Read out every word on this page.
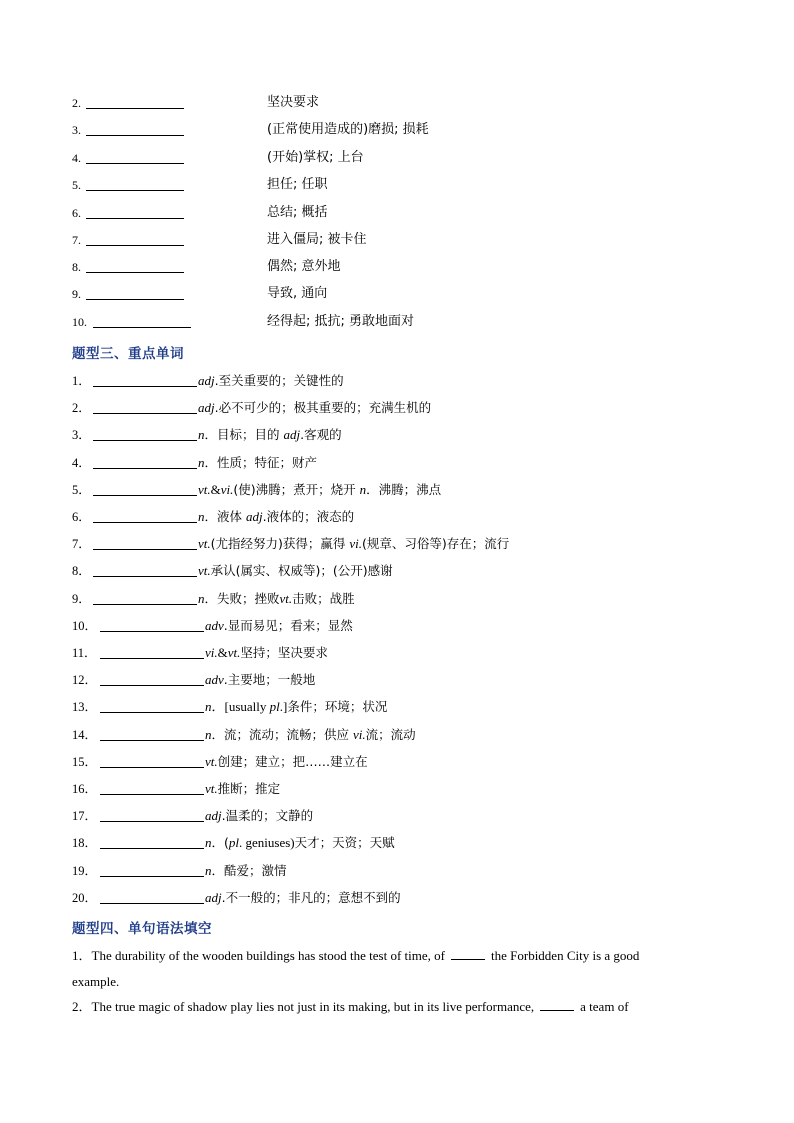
2.	坚决要求
3.	(正常使用造成的)磨损; 损耗
4.	(开始)掌权; 上台
5.	担任; 任职
6.	总结; 概括
7.	进入僵局; 被卡住
8.	偶然; 意外地
9.	导致, 通向
10.	经得起; 抵抗; 勇敢地面对
题型三、重点单词
1．	adj.至关重要的；关键性的
2．	adj.必不可少的；极其重要的；充满生机的
3．	n．目标；目的 adj.客观的
4．	n．性质；特征；财产
5．	vt.&vi.(使)沸腾；煮开；烧开 n．沸腾；沸点
6．	n．液体 adj.液体的；液态的
7．	vt.(尤指经努力)获得；赢得 vi.(规章、习俗等)存在；流行
8．	vt.承认(属实、权威等)；(公开)感谢
9．	n．失败；挫败vt.击败；战胜
10．	adv.显而易见；看来；显然
11．	vi.&vt.坚持；坚决要求
12．	adv.主要地；一般地
13．	n．[usually pl.]条件；环境；状况
14．	n．流；流动；流畅；供应 vi.流；流动
15．	vt.创建；建立；把……建立在
16．	vt.推断；推定
17．	adj.温柔的；文静的
18．	n．(pl. geniuses)天才；天资；天赋
19．	n．酷爱；激情
20．	adj.不一般的；非凡的；意想不到的
题型四、单句语法填空
1．The durability of the wooden buildings has stood the test of time, of	the Forbidden City is a good
example.
2．The true magic of shadow play lies not just in its making, but in its live performance,	a team of
